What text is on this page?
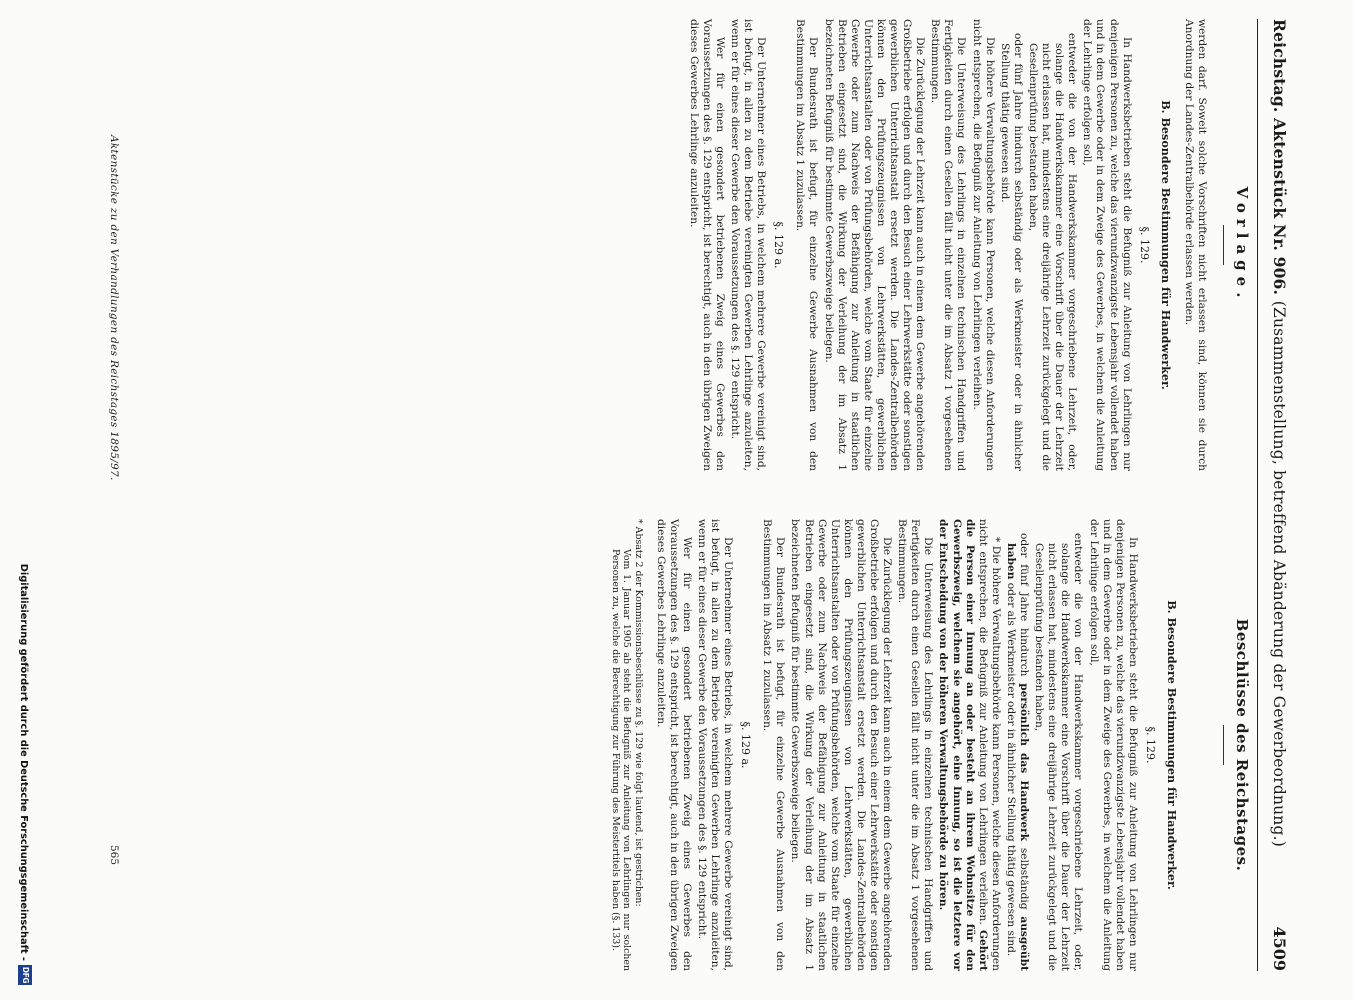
Reichstag. Aktenstück Nr. 906. (Zusammenstellung, betreffend Abänderung der Gewerbeordnung.)
4509
Vorlage.
Beschlüsse des Reichstages.

werden darf. Soweit solche Vorschriften nicht erlassen sind, können sie durch Anordnung der Landes-Zentralbehörde erlassen werden.

B. Besondere Bestimmungen für Handwerker.
§. 129.

In Handwerksbetrieben steht die Befugniß zur Anleitung von Lehrlingen nur denjenigen Personen zu, welche das vierundzwanzigste Lebensjahr vollendet haben und in dem Gewerbe oder in dem Zweige des Gewerbes, in welchem die Anleitung der Lehrlinge erfolgen soll,

entweder die von der Handwerkskammer vorgeschriebene Lehrzeit, oder, solange die Handwerkskammer eine Vorschrift über die Dauer der Lehrzeit nicht erlassen hat, mindestens eine dreijährige Lehrzeit zurückgelegt und die Gesellenprüfung bestanden haben,

oder fünf Jahre hindurch selbständig oder als Werkmeister oder in ähnlicher Stellung thätig gewesen sind.

Die höhere Verwaltungsbehörde kann Personen, welche diesen Anforderungen nicht entsprechen, die Befugniß zur Anleitung von Lehrlingen verleihen.

Die Unterweisung des Lehrlings in einzelnen technischen Handgriffen und Fertigkeiten durch einen Gesellen fällt nicht unter die im Absatz 1 vorgesehenen Bestimmungen.

Die Zurücklegung der Lehrzeit kann auch in einem dem Gewerbe angehörenden Großbetriebe erfolgen und durch den Besuch einer Lehrwerkstätte oder sonstigen gewerblichen Unterrichtsanstalt ersetzt werden. Die Landes-Zentralbehörden können den Prüfungszeugnissen von Lehrwerkstätten, gewerblichen Unterrichtsanstalten oder von Prüfungsbehörden, welche vom Staate für einzelne Gewerbe oder zum Nachweis der Befähigung zur Anleitung in staatlichen Betrieben eingesetzt sind, die Wirkung der Verleihung der im Absatz 1 bezeichneten Befugniß für bestimmte Gewerbszweige beilegen.

Der Bundesrath ist befugt, für einzelne Gewerbe Ausnahmen von den Bestimmungen im Absatz 1 zuzulassen.

§. 129 a.

Der Unternehmer eines Betriebs, in welchem mehrere Gewerbe vereinigt sind, ist befugt, in allen zu dem Betriebe vereinigten Gewerben Lehrlinge anzuleiten, wenn er für eines dieser Gewerbe den Voraussetzungen des §. 129 entspricht.

Wer für einen gesondert betriebenen Zweig eines Gewerbes den Voraussetzungen des §. 129 entspricht, ist berechtigt, auch in den übrigen Zweigen dieses Gewerbes Lehrlinge anzuleiten.

B. Besondere Bestimmungen für Handwerker.
§. 129.

In Handwerksbetrieben steht die Befugniß zur Anleitung von Lehrlingen nur denjenigen Personen zu, welche das vierundzwanzigste Lebensjahr vollendet haben und in dem Gewerbe oder in dem Zweige des Gewerbes, in welchem die Anleitung der Lehrlinge erfolgen soll,

entweder die von der Handwerkskammer vorgeschriebene Lehrzeit, oder, solange die Handwerkskammer eine Vorschrift über die Dauer der Lehrzeit nicht erlassen hat, mindestens eine dreijährige Lehrzeit zurückgelegt und die Gesellenprüfung bestanden haben,

oder fünf Jahre hindurch persönlich das Handwerk selbständig ausgeübt haben oder als Werkmeister oder in ähnlicher Stellung thätig gewesen sind.

* Die höhere Verwaltungsbehörde kann Personen, welche diesen Anforderungen nicht entsprechen, die Befugniß zur Anleitung von Lehrlingen verleihen. Gehört die Person einer Innung an oder besteht an ihrem Wohnsitze für den Gewerbszweig, welchem sie angehört, eine Innung, so ist die letztere vor der Entscheidung von der höheren Verwaltungsbehörde zu hören.

Die Unterweisung des Lehrlings in einzelnen technischen Handgriffen und Fertigkeiten durch einen Gesellen fällt nicht unter die im Absatz 1 vorgesehenen Bestimmungen.

Die Zurücklegung der Lehrzeit kann auch in einem dem Gewerbe angehörenden Großbetriebe erfolgen und durch den Besuch einer Lehrwerkstätte oder sonstigen gewerblichen Unterrichtsanstalt ersetzt werden. Die Landes-Zentralbehörden können den Prüfungszeugnissen von Lehrwerkstätten, gewerblichen Unterrichtsanstalten oder von Prüfungsbehörden, welche vom Staate für einzelne Gewerbe oder zum Nachweis der Befähigung zur Anleitung in staatlichen Betrieben eingesetzt sind, die Wirkung der Verleihung der im Absatz 1 bezeichneten Befugniß für bestimmte Gewerbszweige beilegen.

Der Bundesrath ist befugt, für einzelne Gewerbe Ausnahmen von den Bestimmungen im Absatz 1 zuzulassen.

§. 129 a.

Der Unternehmer eines Betriebs, in welchem mehrere Gewerbe vereinigt sind, ist befugt, in allen zu dem Betriebe vereinigten Gewerben Lehrlinge anzuleiten, wenn er für eines dieser Gewerbe den Voraussetzungen des §. 129 entspricht.

Wer für einen gesondert betriebenen Zweig eines Gewerbes den Voraussetzungen des §. 129 entspricht, ist berechtigt, auch in den übrigen Zweigen dieses Gewerbes Lehrlinge anzuleiten.

* Absatz 2 der Kommissionsbeschlüsse zu §. 129 wie folgt lautend, ist gestrichen:

Vom 1. Januar 1905 ab steht die Befugniß zur Anleitung von Lehrlingen nur solchen Personen zu, welche die Berechtigung zur Führung des Meistertitels haben (§. 133).

Aktenstücke zu den Verhandlungen des Reichstages 1895/97.
565
Digitalisierung gefördert durch die Deutsche Forschungsgemeinschaft -
DFG
